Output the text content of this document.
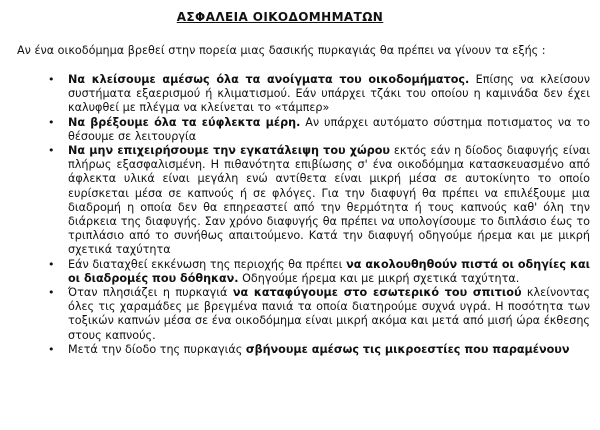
ΑΣΦΑΛΕΙΑ ΟΙΚΟΔΟΜΗΜΑΤΩΝ
Αν ένα οικοδόμημα βρεθεί στην πορεία μιας δασικής πυρκαγιάς θα πρέπει να γίνουν τα εξής :
• Να κλείσουμε αμέσως όλα τα ανοίγματα του οικοδομήματος. Επίσης να κλείσουν συστήματα εξαερισμού ή κλιματισμού. Εάν υπάρχει τζάκι του οποίου η καμινάδα δεν έχει καλυφθεί με πλέγμα να κλείνεται το «τάμπερ»
• Να βρέξουμε όλα τα εύφλεκτα μέρη. Αν υπάρχει αυτόματο σύστημα ποτισματος να το θέσουμε σε λειτουργία
• Να μην επιχειρήσουμε την εγκατάλειψη του χώρου εκτός εάν η δίοδος διαφυγής είναι πλήρως εξασφαλισμένη. Η πιθανότητα επιβίωσης σ' ένα οικοδόμημα κατασκευασμένο από άφλεκτα υλικά είναι μεγάλη ενώ αντίθετα είναι μικρή μέσα σε αυτοκίνητο το οποίο ευρίσκεται μέσα σε καπνούς ή σε φλόγες. Για την διαφυγή θα πρέπει να επιλέξουμε μια διαδρομή η οποία δεν θα επηρεαστεί από την θερμότητα ή τους καπνούς καθ' όλη την διάρκεια της διαφυγής. Σαν χρόνο διαφυγής θα πρέπει να υπολογίσουμε το διπλάσιο έως το τριπλάσιο από το συνήθως απαιτούμενο. Κατά την διαφυγή οδηγούμε ήρεμα και με μικρή σχετικά ταχύτητα
• Εάν διαταχθεί εκκένωση της περιοχής θα πρέπει να ακολουθηθούν πιστά οι οδηγίες και οι διαδρομές που δόθηκαν. Οδηγούμε ήρεμα και με μικρή σχετικά ταχύτητα.
• Όταν πλησιάζει η πυρκαγιά να καταφύγουμε στο εσωτερικό του σπιτιού κλείνοντας όλες τις χαραμάδες με βρεγμένα πανιά τα οποία διατηρούμε συχνά υγρά. Η ποσότητα των τοξικών καπνών μέσα σε ένα οικοδόμημα είναι μικρή ακόμα και μετά από μισή ώρα έκθεσης στους καπνούς.
• Μετά την δίοδο της πυρκαγιάς σβήνουμε αμέσως τις μικροεστίες που παραμένουν
